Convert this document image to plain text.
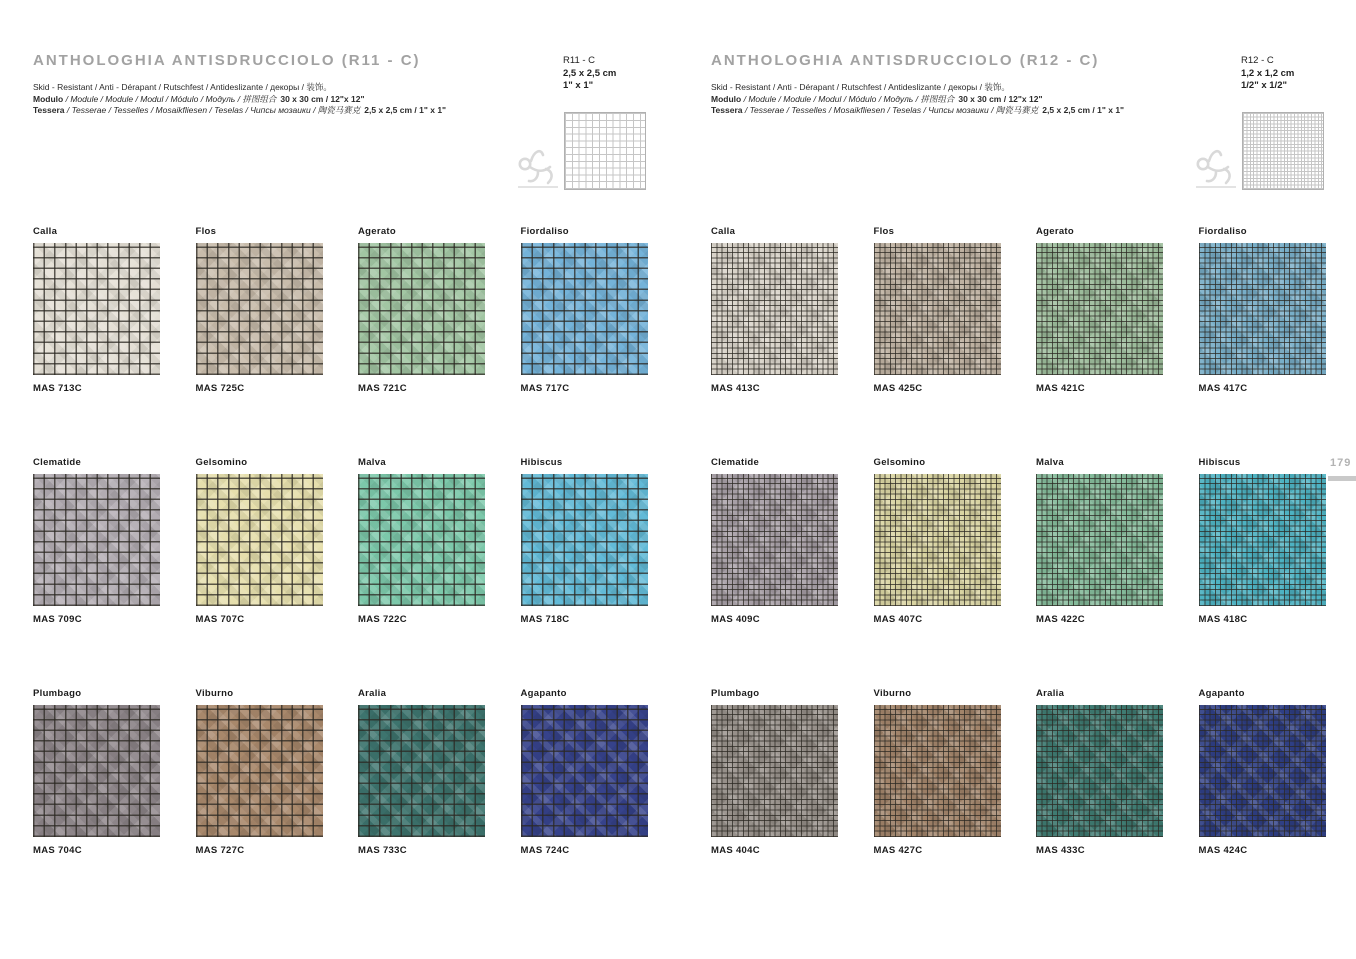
ANTHOLOGHIA ANTISDRUCCIOLO (R11 - C)

Skid - Resistant / Anti - Dérapant / Rutschfest / Antideslizante / декоры / 装饰。

Modulo / Module / Module / Modul / Módulo / Модуль / 拼图组合 30 x 30 cm / 12"x 12"

Tessera / Tesserae / Tesselles / Mosaikfliesen / Teselas / Чипсы мозаики / 陶瓷马赛克 2,5 x 2,5 cm / 1" x 1"

R11 - C
2,5 x 2,5 cm
1" x 1"
Calla
MAS 713C
Flos
MAS 725C
Agerato
MAS 721C
Fiordaliso
MAS 717C
Clematide
MAS 709C
Gelsomino
MAS 707C
Malva
MAS 722C
Hibiscus
MAS 718C
Plumbago
MAS 704C
Viburno
MAS 727C
Aralia
MAS 733C
Agapanto
MAS 724C
ANTHOLOGHIA ANTISDRUCCIOLO (R12 - C)

Skid - Resistant / Anti - Dérapant / Rutschfest / Antideslizante / декоры / 装饰。

Modulo / Module / Module / Modul / Módulo / Модуль / 拼图组合 30 x 30 cm / 12"x 12"

Tessera / Tesserae / Tesselles / Mosaikfliesen / Teselas / Чипсы мозаики / 陶瓷马赛克 2,5 x 2,5 cm / 1" x 1"

R12 - C
1,2 x 1,2 cm
1/2" x 1/2"
Calla
MAS 413C
Flos
MAS 425C
Agerato
MAS 421C
Fiordaliso
MAS 417C
Clematide
MAS 409C
Gelsomino
MAS 407C
Malva
MAS 422C
Hibiscus
MAS 418C
Plumbago
MAS 404C
Viburno
MAS 427C
Aralia
MAS 433C
Agapanto
MAS 424C
179
